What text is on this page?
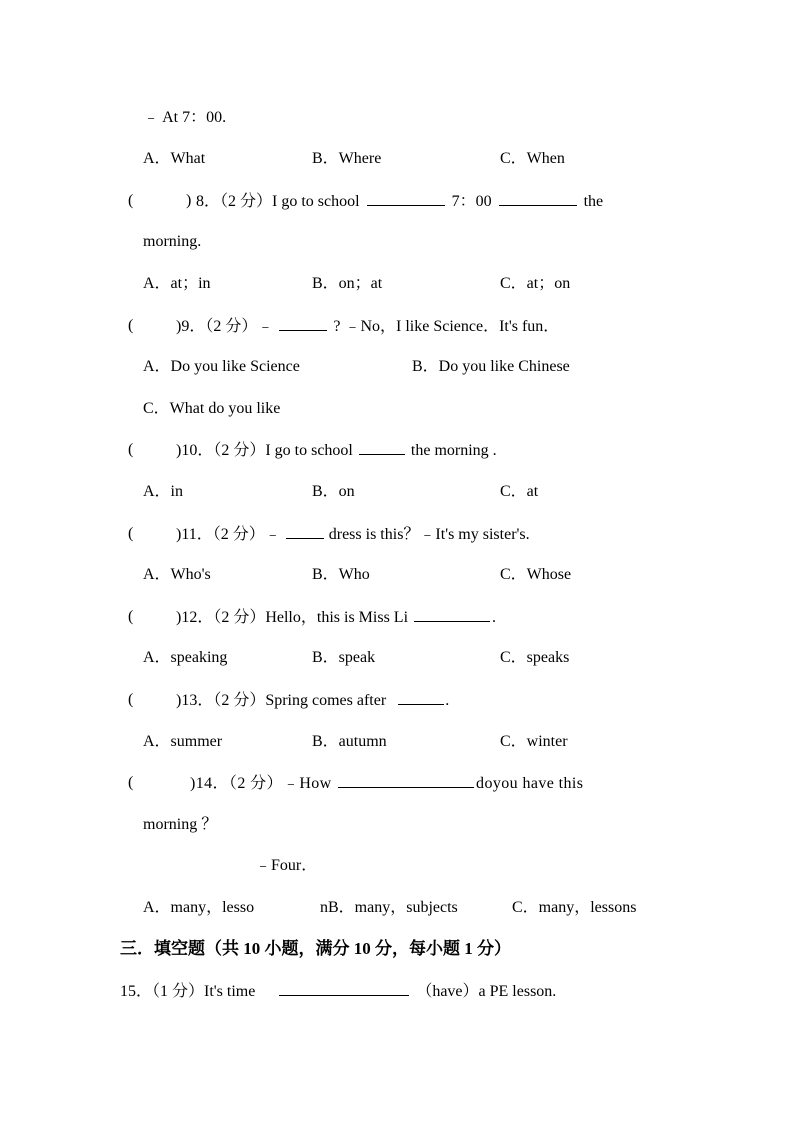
﹣ At 7：00.
A．What	B．Where	C．When
(	) 8．（2 分）I go to school	7：00	the
morning.
A．at；in	B．on；at	C．at；on
(	)9．（2 分）﹣	? ﹣No，I like Science．It's fun．
A．Do you like Science	B．Do you like Chinese
C．What do you like
(	)10．（2 分）I go to school	the morning .
A．in	B．on	C．at
(	)11．（2 分）﹣	dress is this？﹣It's my sister's.
A．Who's	B．Who	C．Whose
(	)12．（2 分）Hello，this is Miss Li	.
A．speaking	B．speak	C．speaks
(	)13．（2 分）Spring comes after	.
A．summer	B．autumn	C．winter
(	)14．（2 分）﹣How	doyou have this
morning ？
﹣Four．
A．many，lesso	nB．many，subjects	C．many，lessons
三．填空题（共 10 小题，满分 10 分，每小题 1 分）
15．（1 分）It's time	（have）a PE lesson.
